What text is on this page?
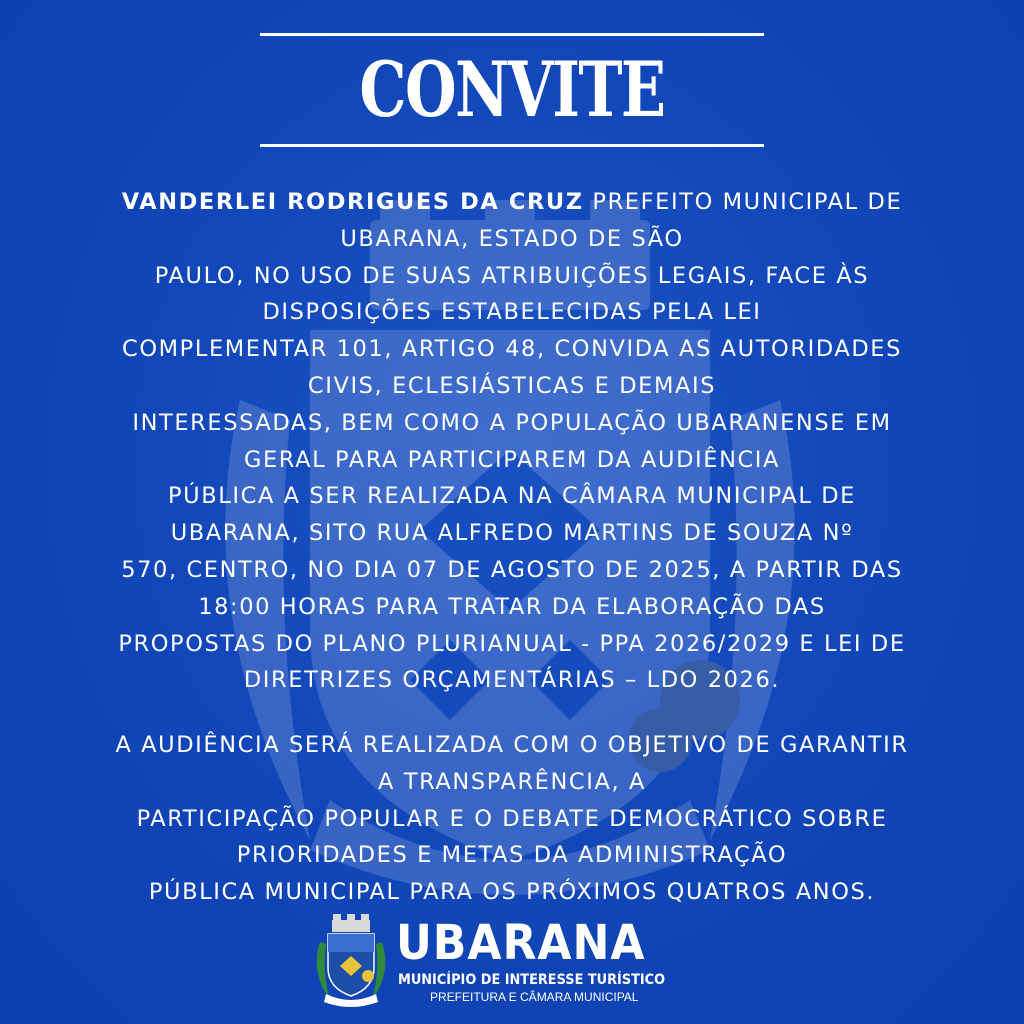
CONVITE
VANDERLEI RODRIGUES DA CRUZ PREFEITO MUNICIPAL DE
UBARANA, ESTADO DE SÃO
PAULO, NO USO DE SUAS ATRIBUIÇÕES LEGAIS, FACE ÀS
DISPOSIÇÕES ESTABELECIDAS PELA LEI
COMPLEMENTAR 101, ARTIGO 48, CONVIDA AS AUTORIDADES
CIVIS, ECLESIÁSTICAS E DEMAIS
INTERESSADAS, BEM COMO A POPULAÇÃO UBARANENSE EM
GERAL PARA PARTICIPAREM DA AUDIÊNCIA
PÚBLICA A SER REALIZADA NA CÂMARA MUNICIPAL DE
UBARANA, SITO RUA ALFREDO MARTINS DE SOUZA Nº
570, CENTRO, NO DIA 07 DE AGOSTO DE 2025, A PARTIR DAS
18:00 HORAS PARA TRATAR DA ELABORAÇÃO DAS
PROPOSTAS DO PLANO PLURIANUAL - PPA 2026/2029 E LEI DE
DIRETRIZES ORÇAMENTÁRIAS – LDO 2026.
A AUDIÊNCIA SERÁ REALIZADA COM O OBJETIVO DE GARANTIR
A TRANSPARÊNCIA, A
PARTICIPAÇÃO POPULAR E O DEBATE DEMOCRÁTICO SOBRE
PRIORIDADES E METAS DA ADMINISTRAÇÃO
PÚBLICA MUNICIPAL PARA OS PRÓXIMOS QUATROS ANOS.
UBARANA
MUNICÍPIO DE INTERESSE TURÍSTICO
PREFEITURA E CÂMARA MUNICIPAL
